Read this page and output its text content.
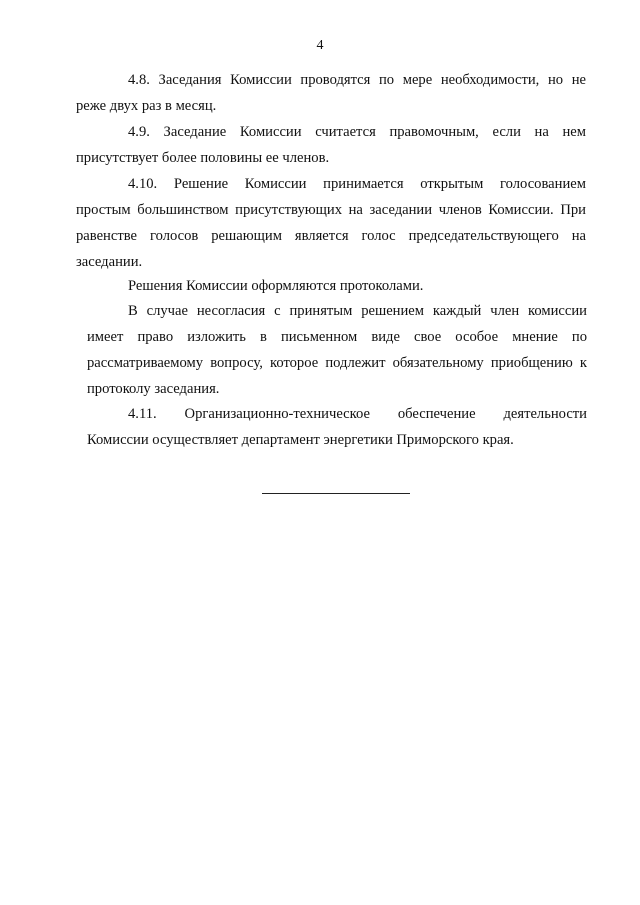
4
4.8. Заседания Комиссии проводятся по мере необходимости, но не
реже двух раз в месяц.
4.9. Заседание Комиссии считается правомочным, если на нем
присутствует более половины ее членов.
4.10. Решение Комиссии принимается открытым голосованием
простым большинством присутствующих на заседании членов Комиссии. При
равенстве голосов решающим является голос председательствующего на
заседании.
Решения Комиссии оформляются протоколами.
В случае несогласия с принятым решением каждый член комиссии
имеет право изложить в письменном виде свое особое мнение по
рассматриваемому вопросу, которое подлежит обязательному приобщению к
протоколу заседания.
4.11. Организационно-техническое обеспечение деятельности
Комиссии осуществляет департамент энергетики Приморского края.
